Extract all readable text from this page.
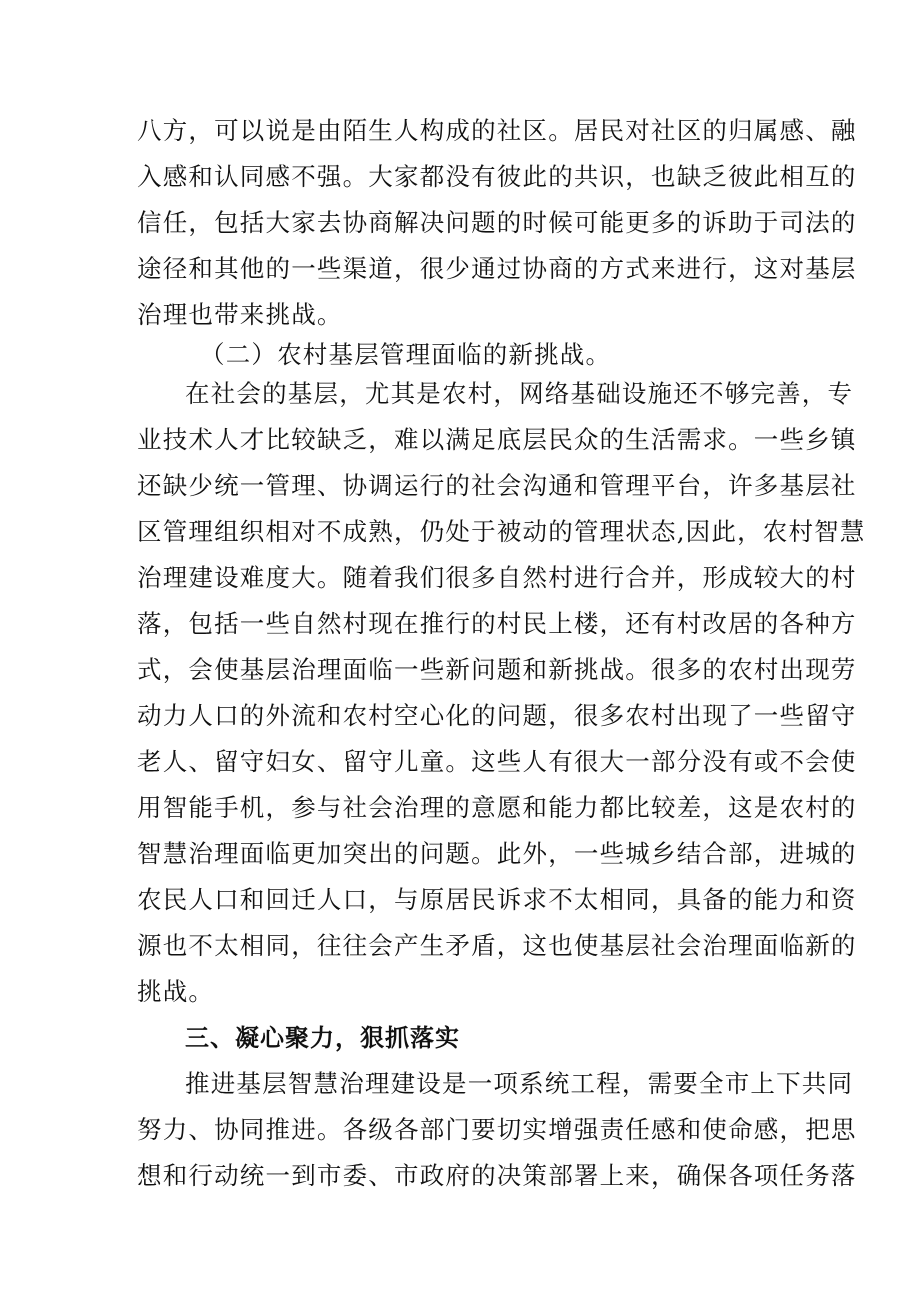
八方，可以说是由陌生人构成的社区。居民对社区的归属感、融
入感和认同感不强。大家都没有彼此的共识，也缺乏彼此相互的
信任，包括大家去协商解决问题的时候可能更多的诉助于司法的
途径和其他的一些渠道，很少通过协商的方式来进行，这对基层
治理也带来挑战。
（二）农村基层管理面临的新挑战。
在社会的基层，尤其是农村，网络基础设施还不够完善，专
业技术人才比较缺乏，难以满足底层民众的生活需求。一些乡镇
还缺少统一管理、协调运行的社会沟通和管理平台，许多基层社
区管理组织相对不成熟，仍处于被动的管理状态,因此，农村智慧
治理建设难度大。随着我们很多自然村进行合并，形成较大的村
落，包括一些自然村现在推行的村民上楼，还有村改居的各种方
式，会使基层治理面临一些新问题和新挑战。很多的农村出现劳
动力人口的外流和农村空心化的问题，很多农村出现了一些留守
老人、留守妇女、留守儿童。这些人有很大一部分没有或不会使
用智能手机，参与社会治理的意愿和能力都比较差，这是农村的
智慧治理面临更加突出的问题。此外，一些城乡结合部，进城的
农民人口和回迁人口，与原居民诉求不太相同，具备的能力和资
源也不太相同，往往会产生矛盾，这也使基层社会治理面临新的
挑战。
三、凝心聚力，狠抓落实
推进基层智慧治理建设是一项系统工程，需要全市上下共同
努力、协同推进。各级各部门要切实增强责任感和使命感，把思
想和行动统一到市委、市政府的决策部署上来，确保各项任务落
